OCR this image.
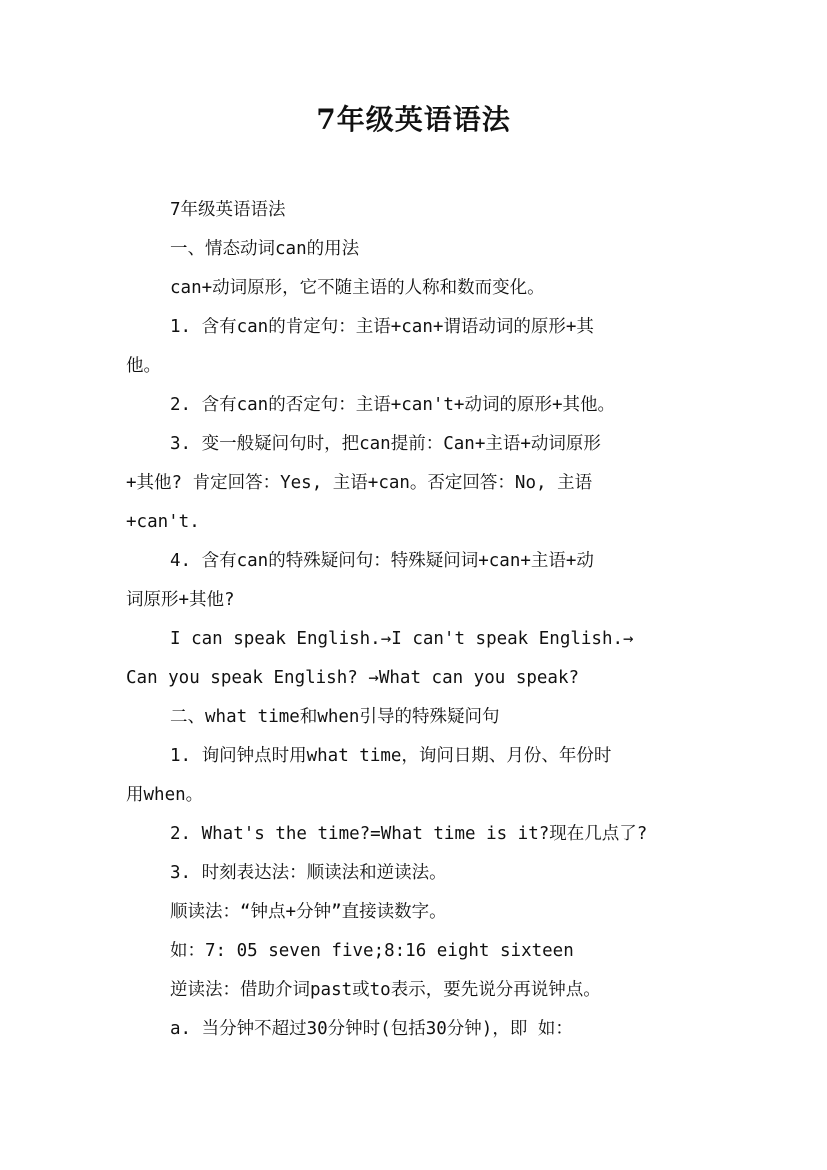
7年级英语语法
7年级英语语法
一、情态动词can的用法
can+动词原形，它不随主语的人称和数而变化。
1. 含有can的肯定句：主语+can+谓语动词的原形+其
他。
2. 含有can的否定句：主语+can't+动词的原形+其他。
3. 变一般疑问句时，把can提前：Can+主语+动词原形
+其他? 肯定回答：Yes, 主语+can。否定回答：No, 主语
+can't.
4. 含有can的特殊疑问句：特殊疑问词+can+主语+动
词原形+其他?
I can speak English.→I can't speak English.→
Can you speak English? →What can you speak?
二、what time和when引导的特殊疑问句
1. 询问钟点时用what time，询问日期、月份、年份时
用when。
2. What's the time?=What time is it?现在几点了?
3. 时刻表达法：顺读法和逆读法。
顺读法：“钟点+分钟”直接读数字。
如：7: 05 seven five;8:16 eight sixteen
逆读法：借助介词past或to表示，要先说分再说钟点。
a. 当分钟不超过30分钟时(包括30分钟)，即 如：
